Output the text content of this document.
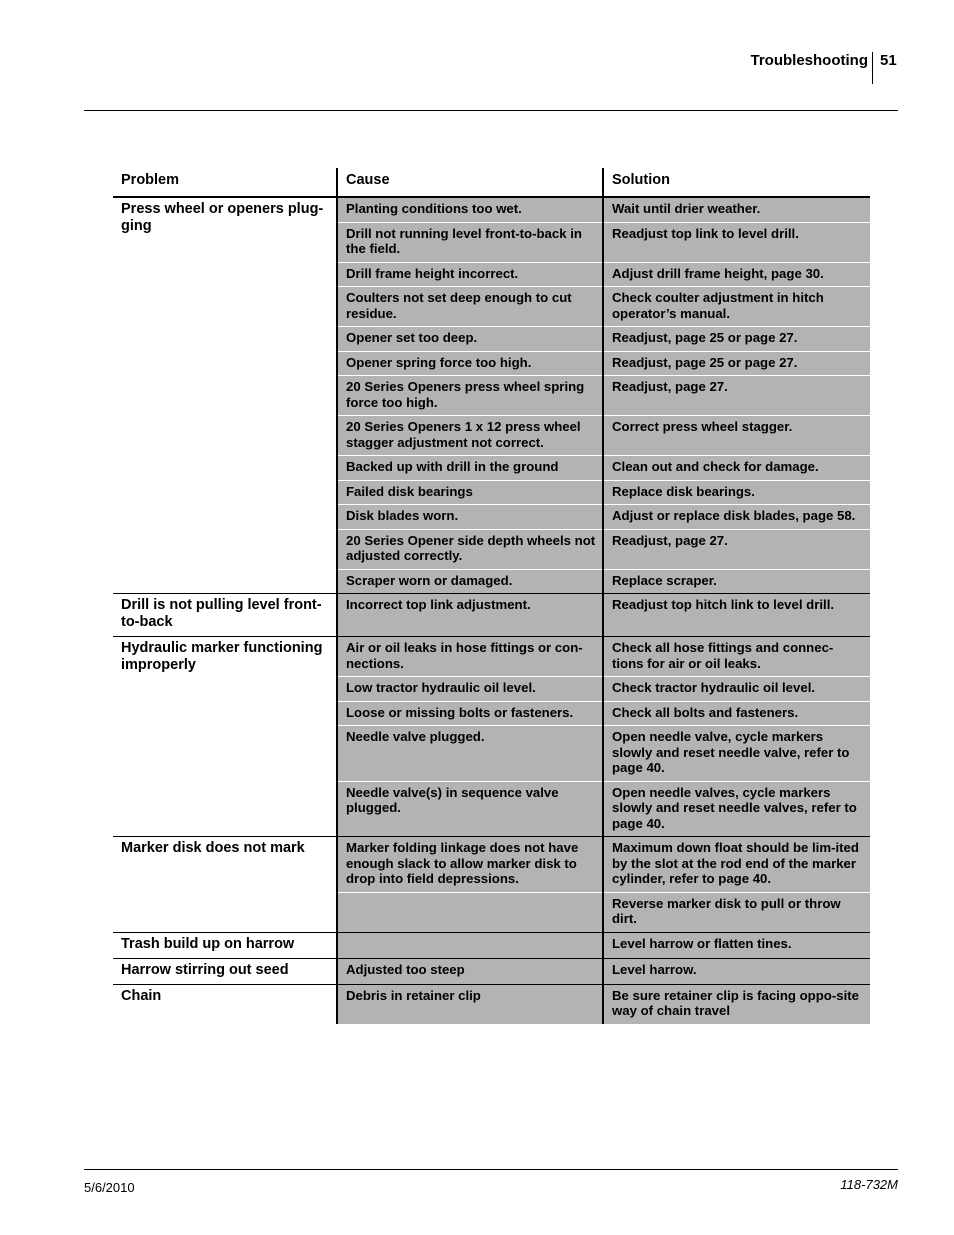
Troubleshooting 51
Problem	Cause	Solution
Press wheel or openers plug-ging	Planting conditions too wet.	Wait until drier weather.
	Drill not running level front-to-back in the field.	Readjust top link to level drill.
	Drill frame height incorrect.	Adjust drill frame height, page 30.
	Coulters not set deep enough to cut residue.	Check coulter adjustment in hitch operator’s manual.
	Opener set too deep.	Readjust, page 25 or page 27.
	Opener spring force too high.	Readjust, page 25 or page 27.
	20 Series Openers press wheel spring force too high.	Readjust, page 27.
	20 Series Openers 1 x 12 press wheel stagger adjustment not correct.	Correct press wheel stagger.
	Backed up with drill in the ground	Clean out and check for damage.
	Failed disk bearings	Replace disk bearings.
	Disk blades worn.	Adjust or replace disk blades, page 58.
	20 Series Opener side depth wheels not adjusted correctly.	Readjust, page 27.
	Scraper worn or damaged.	Replace scraper.
Drill is not pulling level front-to-back	Incorrect top link adjustment.	Readjust top hitch link to level drill.
Hydraulic marker functioning improperly	Air or oil leaks in hose fittings or con-nections.	Check all hose fittings and connec-tions for air or oil leaks.
	Low tractor hydraulic oil level.	Check tractor hydraulic oil level.
	Loose or missing bolts or fasteners.	Check all bolts and fasteners.
	Needle valve plugged.	Open needle valve, cycle markers slowly and reset needle valve, refer to page 40.
	Needle valve(s) in sequence valve plugged.	Open needle valves, cycle markers slowly and reset needle valves, refer to page 40.
Marker disk does not mark	Marker folding linkage does not have enough slack to allow marker disk to drop into field depressions.	Maximum down float should be lim-ited by the slot at the rod end of the marker cylinder, refer to page 40.
		Reverse marker disk to pull or throw dirt.
Trash build up on harrow		Level harrow or flatten tines.
Harrow stirring out seed	Adjusted too steep	Level harrow.
Chain	Debris in retainer clip	Be sure retainer clip is facing oppo-site way of chain travel
5/6/2010	118-732M
